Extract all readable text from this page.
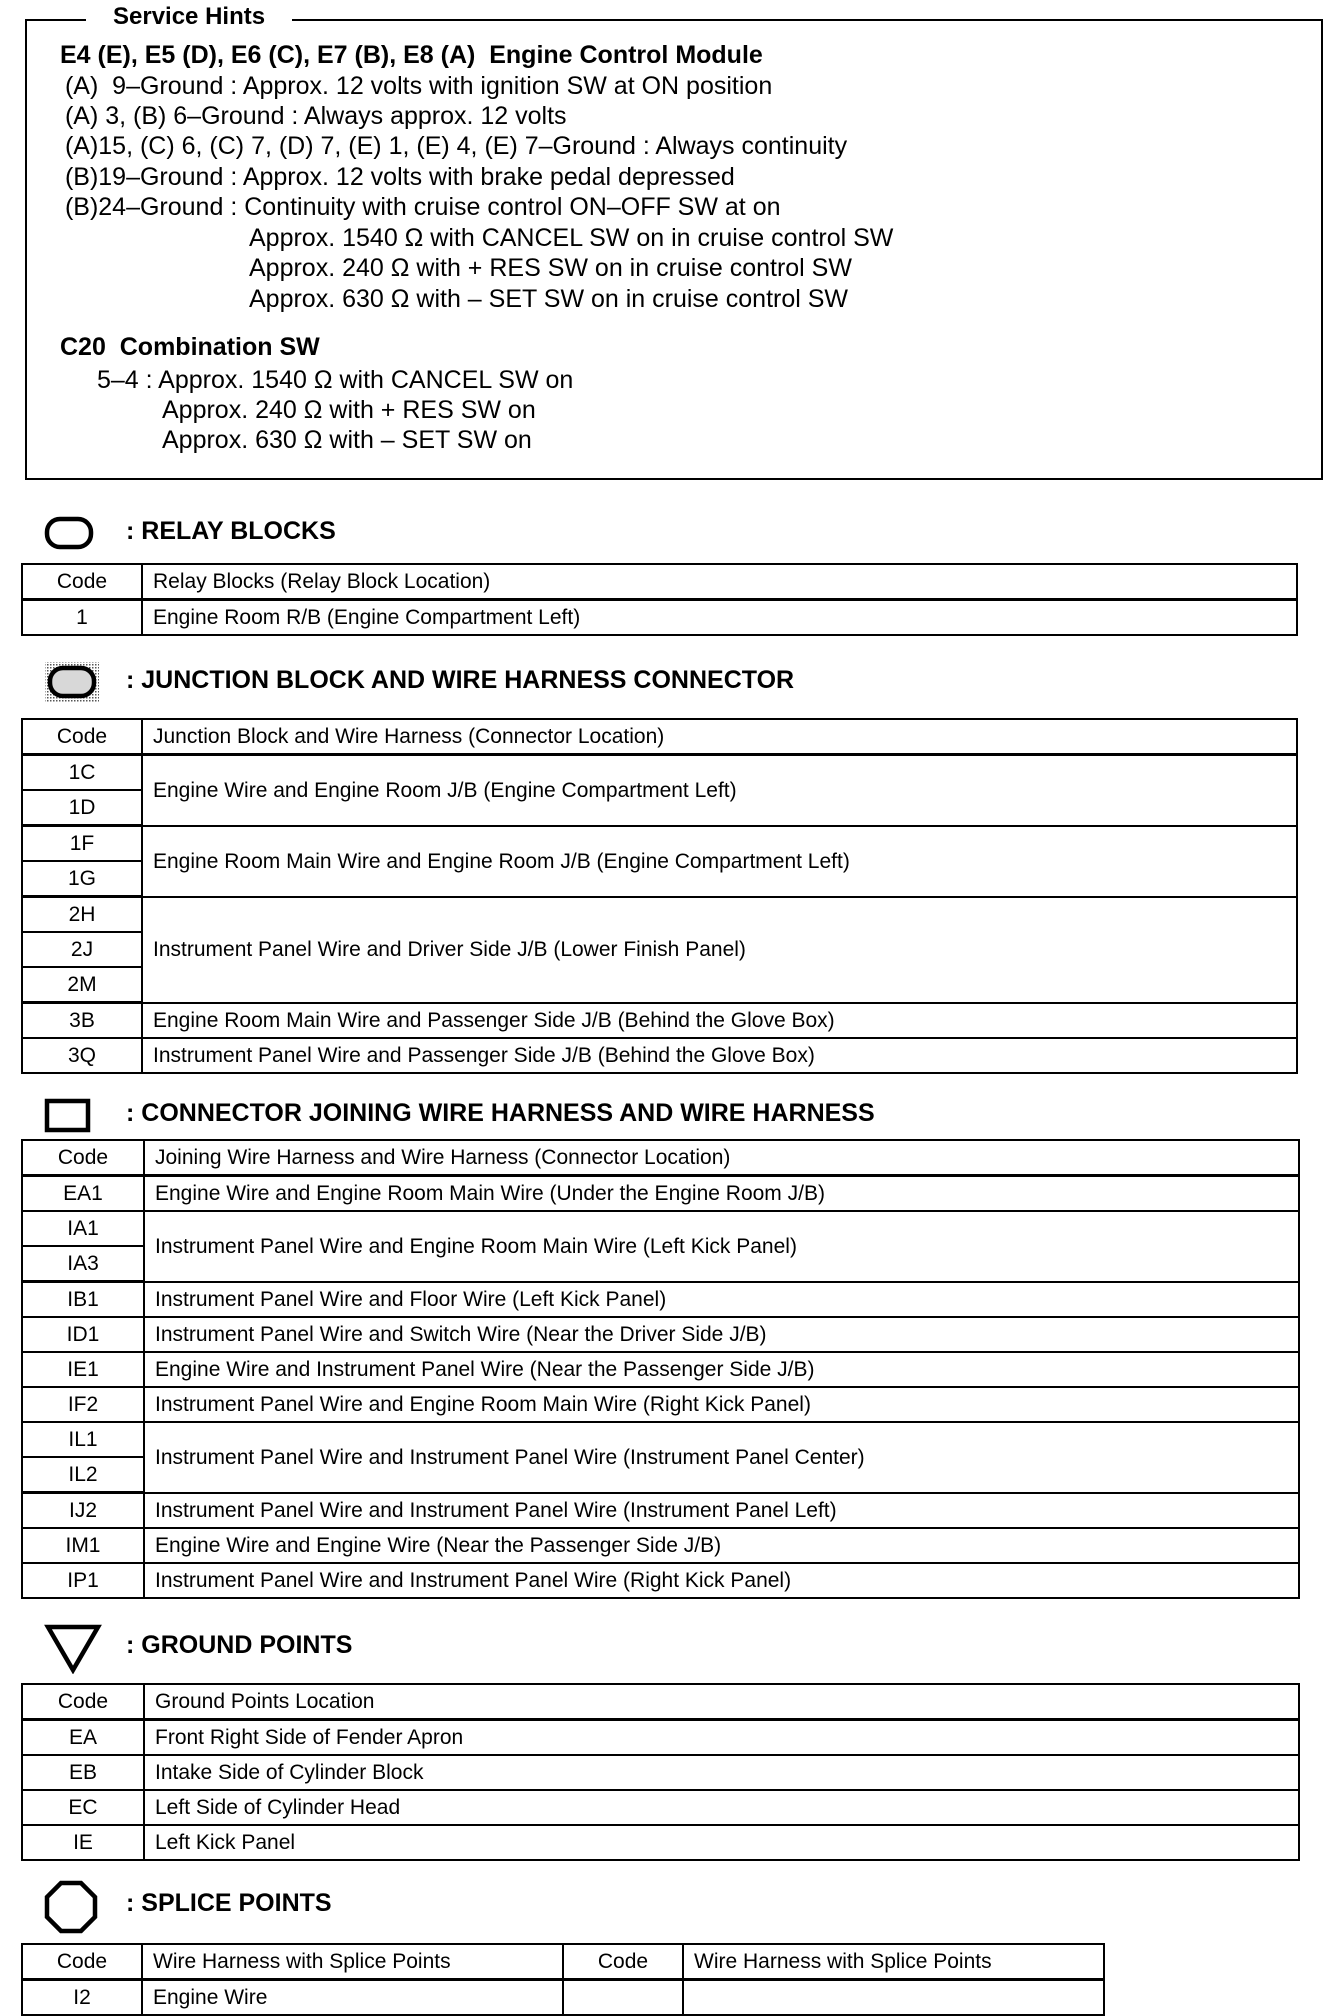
Service Hints
E4 (E), E5 (D), E6 (C), E7 (B), E8 (A)  Engine Control Module
(A)  9–Ground : Approx. 12 volts with ignition SW at ON position
(A) 3, (B) 6–Ground : Always approx. 12 volts
(A)15, (C) 6, (C) 7, (D) 7, (E) 1, (E) 4, (E) 7–Ground : Always continuity
(B)19–Ground : Approx. 12 volts with brake pedal depressed
(B)24–Ground : Continuity with cruise control ON–OFF SW at on
Approx. 1540 Ω with CANCEL SW on in cruise control SW
Approx. 240 Ω with + RES SW on in cruise control SW
Approx. 630 Ω with – SET SW on in cruise control SW
C20  Combination SW
5–4 : Approx. 1540 Ω with CANCEL SW on
Approx. 240 Ω with + RES SW on
Approx. 630 Ω with – SET SW on
: RELAY BLOCKS
Code	Relay Blocks (Relay Block Location)
1	Engine Room R/B (Engine Compartment Left)
: JUNCTION BLOCK AND WIRE HARNESS CONNECTOR
Code	Junction Block and Wire Harness (Connector Location)
1C	Engine Wire and Engine Room J/B (Engine Compartment Left)
1D	
1F	Engine Room Main Wire and Engine Room J/B (Engine Compartment Left)
1G	
2H	Instrument Panel Wire and Driver Side J/B (Lower Finish Panel)
2J	
2M	
3B	Engine Room Main Wire and Passenger Side J/B (Behind the Glove Box)
3Q	Instrument Panel Wire and Passenger Side J/B (Behind the Glove Box)
: CONNECTOR JOINING WIRE HARNESS AND WIRE HARNESS
Code	Joining Wire Harness and Wire Harness (Connector Location)
EA1	Engine Wire and Engine Room Main Wire (Under the Engine Room J/B)
IA1	Instrument Panel Wire and Engine Room Main Wire (Left Kick Panel)
IA3	
IB1	Instrument Panel Wire and Floor Wire (Left Kick Panel)
ID1	Instrument Panel Wire and Switch Wire (Near the Driver Side J/B)
IE1	Engine Wire and Instrument Panel Wire (Near the Passenger Side J/B)
IF2	Instrument Panel Wire and Engine Room Main Wire (Right Kick Panel)
IL1	Instrument Panel Wire and Instrument Panel Wire (Instrument Panel Center)
IL2	
IJ2	Instrument Panel Wire and Instrument Panel Wire (Instrument Panel Left)
IM1	Engine Wire and Engine Wire (Near the Passenger Side J/B)
IP1	Instrument Panel Wire and Instrument Panel Wire (Right Kick Panel)
: GROUND POINTS
Code	Ground Points Location
EA	Front Right Side of Fender Apron
EB	Intake Side of Cylinder Block
EC	Left Side of Cylinder Head
IE	Left Kick Panel
: SPLICE POINTS
Code	Wire Harness with Splice Points	Code	Wire Harness with Splice Points
I2	Engine Wire		
